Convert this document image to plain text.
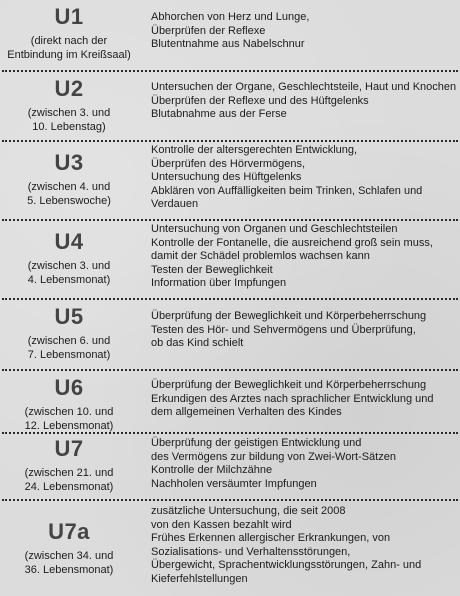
U1
(direkt nach der
Entbindung im Kreißsaal)
Abhorchen von Herz und Lunge,
Überprüfen der Reflexe
Blutentnahme aus Nabelschnur
U2
(zwischen 3. und
10. Lebenstag)
Untersuchen der Organe, Geschlechtsteile, Haut und Knochen
Überprüfen der Reflexe und des Hüftgelenks
Blutabnahme aus der Ferse
U3
(zwischen 4. und
5. Lebenswoche)
Kontrolle der altersgerechten Entwicklung,
Überprüfen des Hörvermögens,
Untersuchung des Hüftgelenks
Abklären von Auffälligkeiten beim Trinken, Schlafen und
Verdauen
U4
(zwischen 3. und
4. Lebensmonat)
Untersuchung von Organen und Geschlechtsteilen
Kontrolle der Fontanelle, die ausreichend groß sein muss,
damit der Schädel problemlos wachsen kann
Testen der Beweglichkeit
Information über Impfungen
U5
(zwischen 6. und
7. Lebensmonat)
Überprüfung der Beweglichkeit und Körperbeherrschung
Testen des Hör- und Sehvermögens und Überprüfung,
ob das Kind schielt
U6
(zwischen 10. und
12. Lebensmonat)
Überprüfung der Beweglichkeit und Körperbeherrschung
Erkundigen des Arztes nach sprachlicher Entwicklung und
dem allgemeinen Verhalten des Kindes
U7
(zwischen 21. und
24. Lebensmonat)
Überprüfung der geistigen Entwicklung und
des Vermögens zur bildung von Zwei-Wort-Sätzen
Kontrolle der Milchzähne
Nachholen versäumter Impfungen
U7a
(zwischen 34. und
36. Lebensmonat)
zusätzliche Untersuchung, die seit 2008
von den Kassen bezahlt wird
Frühes Erkennen allergischer Erkrankungen, von
Sozialisations- und Verhaltensstörungen,
Übergewicht, Sprachentwicklungsstörungen, Zahn- und
Kieferfehlstellungen
